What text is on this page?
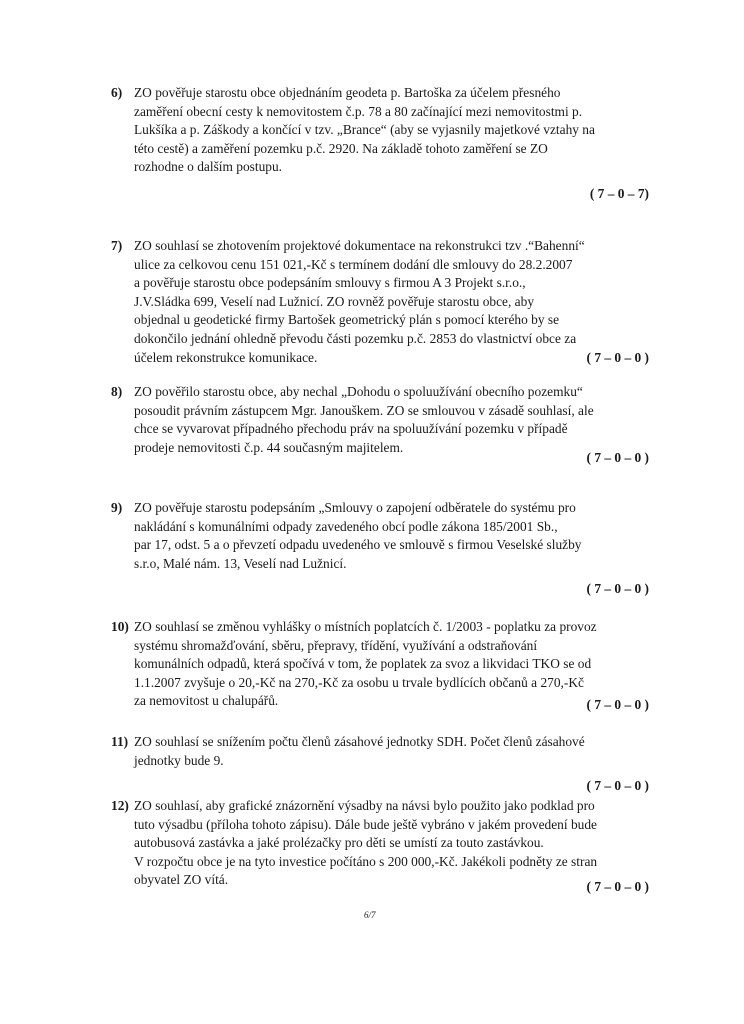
6) ZO pověřuje starostu obce objednáním geodeta p. Bartoška za účelem přesného
zaměření obecní cesty k nemovitostem č.p. 78 a 80 začínající mezi nemovitostmi p.
Lukšíka a p. Záškody a končící v tzv. „Brance“ (aby se vyjasnily majetkové vztahy na
této cestě) a zaměření pozemku p.č. 2920. Na základě tohoto zaměření se ZO
rozhodne o dalším postupu.
( 7 – 0 – 7)
7) ZO souhlasí se zhotovením projektové dokumentace na rekonstrukci tzv .“Bahenní“
ulice za celkovou cenu 151 021,-Kč s termínem dodání dle smlouvy do 28.2.2007
a pověřuje starostu obce podepsáním smlouvy s firmou A 3 Projekt s.r.o.,
J.V.Sládka 699, Veselí nad Lužnicí. ZO rovněž pověřuje starostu obce, aby
objednal u geodetické firmy Bartošek geometrický plán s pomocí kterého by se
dokončilo jednání ohledně převodu části pozemku p.č. 2853 do vlastnictví obce za
účelem rekonstrukce komunikace.	( 7 – 0 – 0 )
8) ZO pověřilo starostu obce, aby nechal „Dohodu o spoluužívání obecního pozemku“
posoudit právním zástupcem Mgr. Janouškem. ZO se smlouvou v zásadě souhlasí, ale
chce se vyvarovat případného přechodu práv na spoluužívání pozemku v případě
prodeje nemovitosti č.p. 44 současným majitelem.
( 7 – 0 – 0 )
9) ZO pověřuje starostu podepsáním „Smlouvy o zapojení odběratele do systému pro
nakládání s komunálními odpady zavedeného obcí podle zákona 185/2001 Sb.,
par 17, odst. 5 a o převzetí odpadu uvedeného ve smlouvě s firmou Veselské služby
s.r.o, Malé nám. 13, Veselí nad Lužnicí.
( 7 – 0 – 0 )
10) ZO souhlasí se změnou vyhlášky o místních poplatcích č. 1/2003 - poplatku za provoz
systému shromažďování, sběru, přepravy, třídění, využívání a odstraňování
komunálních odpadů, která spočívá v tom, že poplatek za svoz a likvidaci TKO se od
1.1.2007 zvyšuje o 20,-Kč na 270,-Kč za osobu u trvale bydlících občanů a 270,-Kč
za nemovitost u chalupářů.	( 7 – 0 – 0 )
11) ZO souhlasí se snížením počtu členů zásahové jednotky SDH. Počet členů zásahové
jednotky bude 9.
( 7 – 0 – 0 )
12) ZO souhlasí, aby grafické znázornění výsadby na návsi bylo použito jako podklad pro
tuto výsadbu (příloha tohoto zápisu). Dále bude ještě vybráno v jakém provedení bude
autobusová zastávka a jaké prolézačky pro děti se umístí za touto zastávkou.
V rozpočtu obce je na tyto investice počítáno s 200 000,-Kč. Jakékoli podněty ze stran
obyvatel ZO vítá.	( 7 – 0 – 0 )
6/7
